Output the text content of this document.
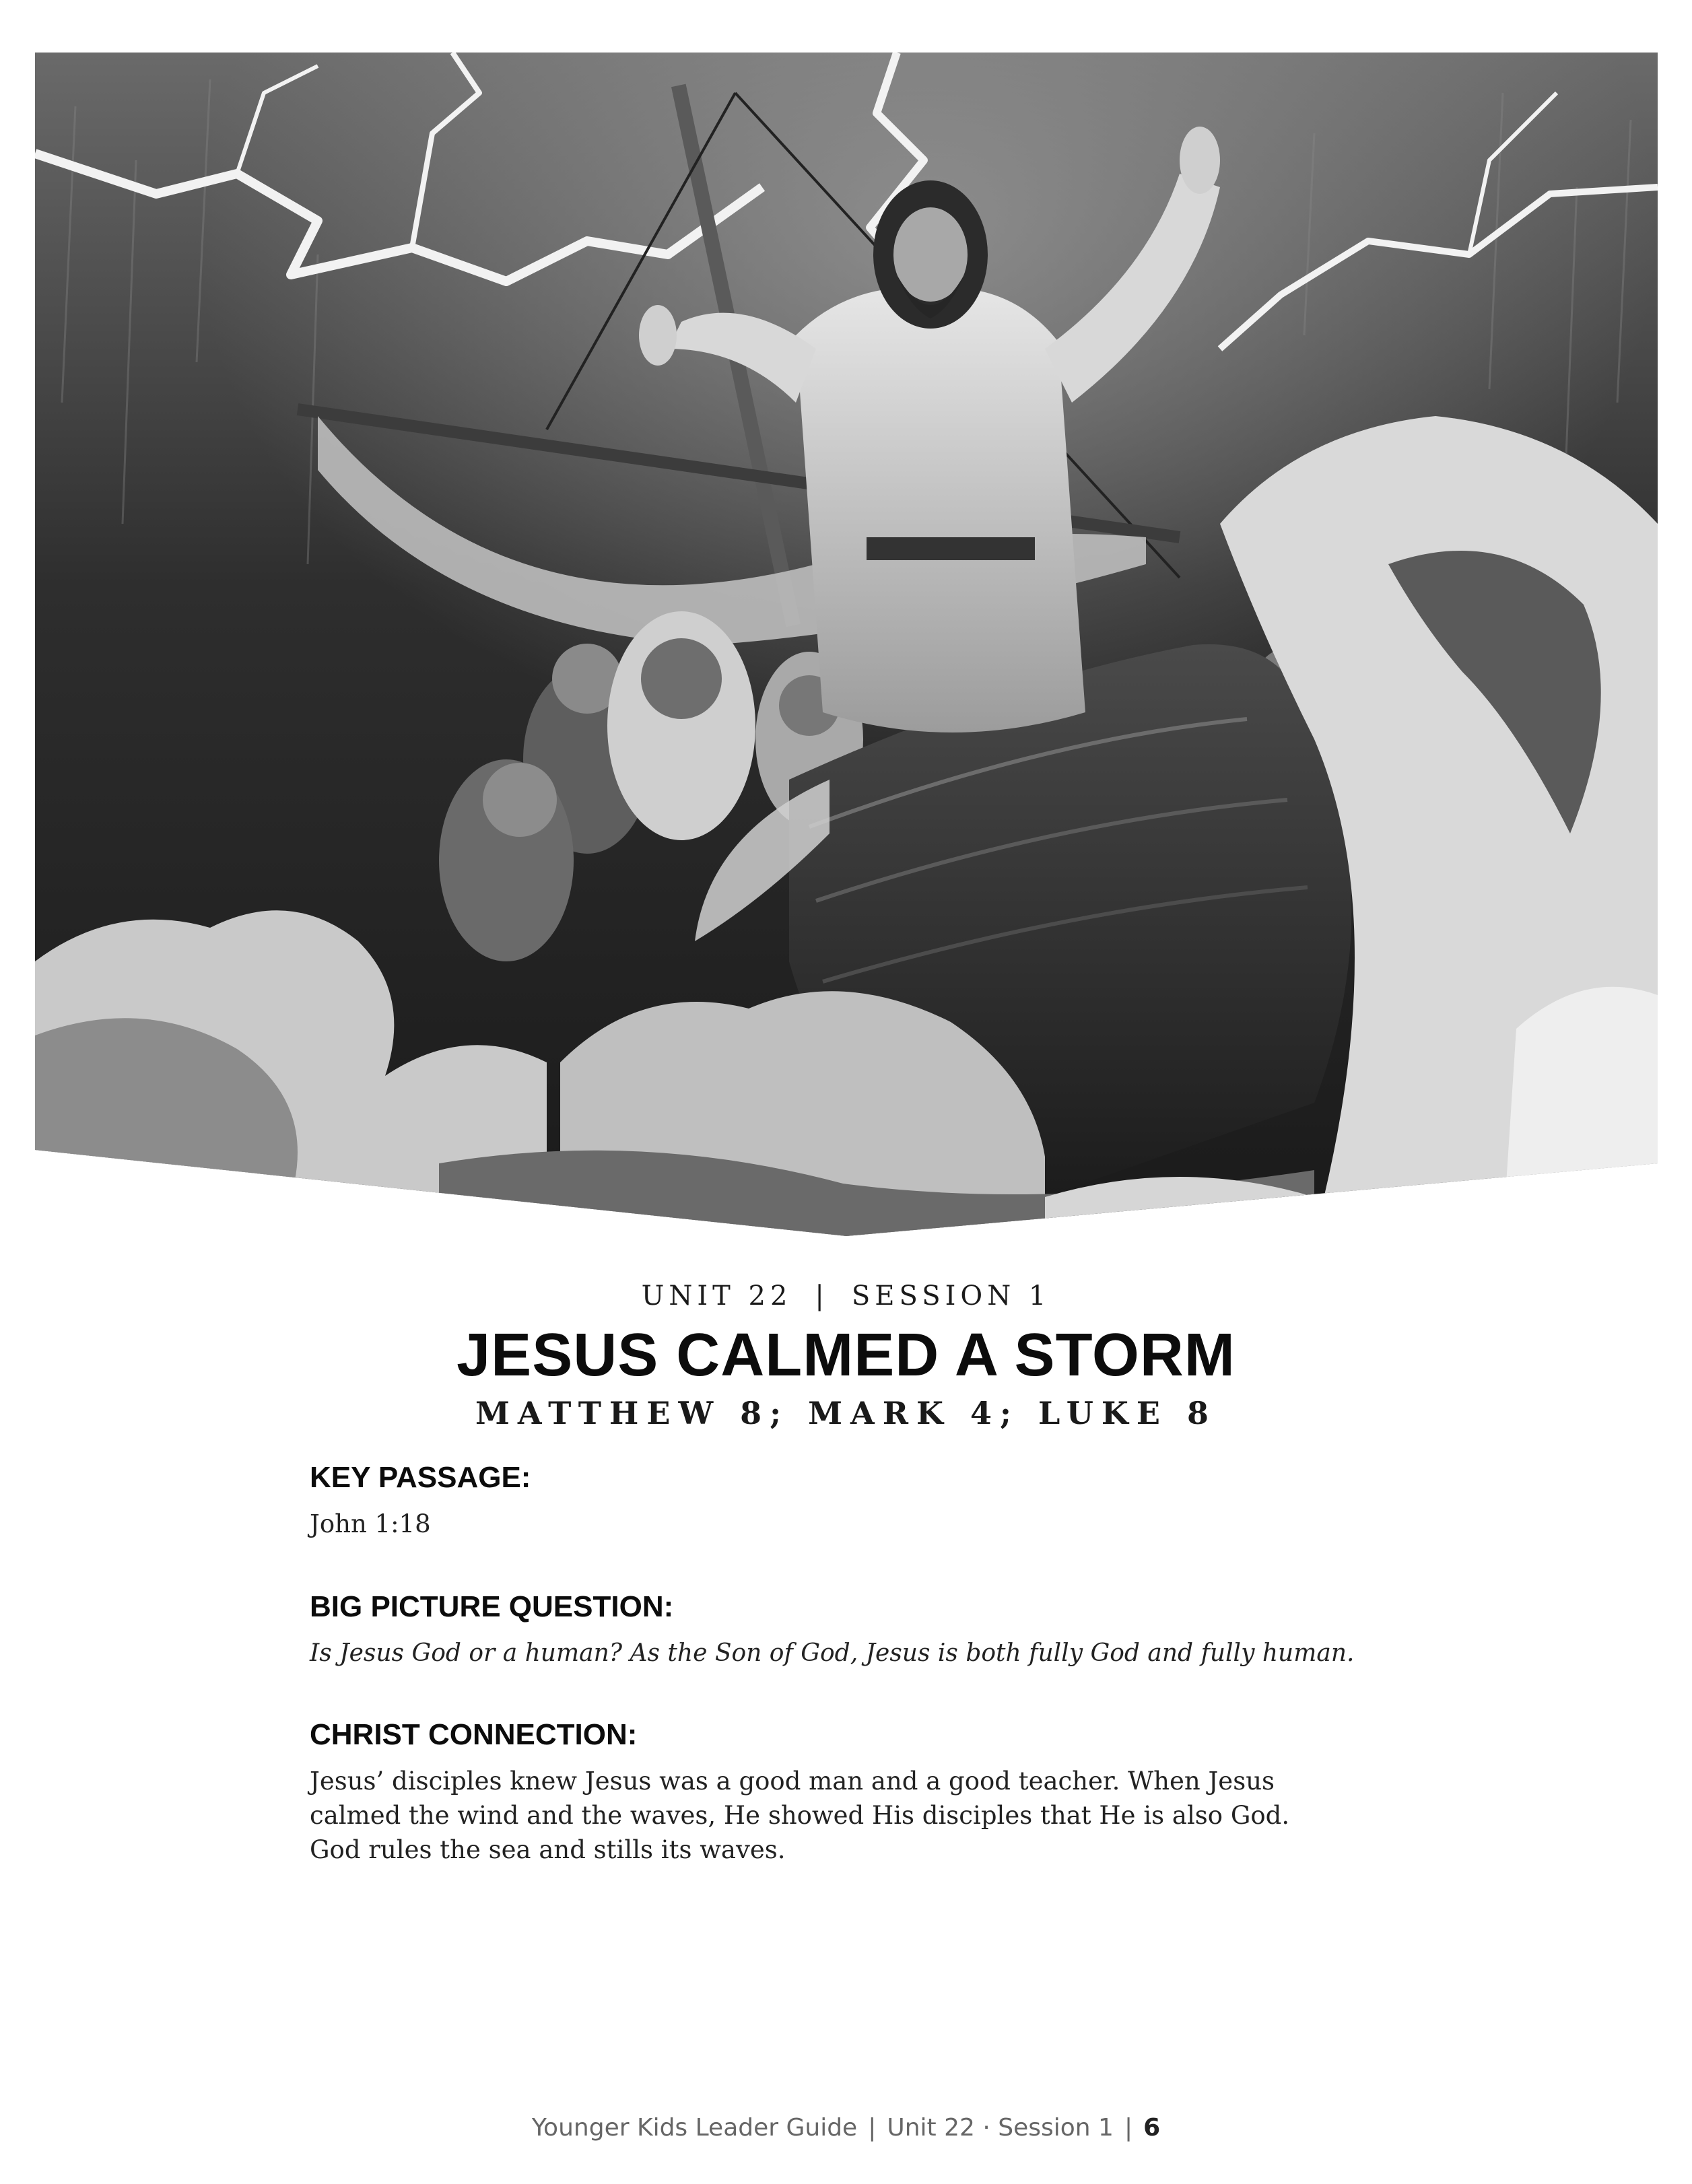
UNIT 22 | SESSION 1
JESUS CALMED A STORM
MATTHEW 8; MARK 4; LUKE 8
KEY PASSAGE:

John 1:18

BIG PICTURE QUESTION:

Is Jesus God or a human? As the Son of God, Jesus is both fully God and fully human.

CHRIST CONNECTION:

Jesus’ disciples knew Jesus was a good man and a good teacher. When Jesus
calmed the wind and the waves, He showed His disciples that He is also God.
God rules the sea and stills its waves.

Younger Kids Leader Guide | Unit 22 · Session 1 | 6
